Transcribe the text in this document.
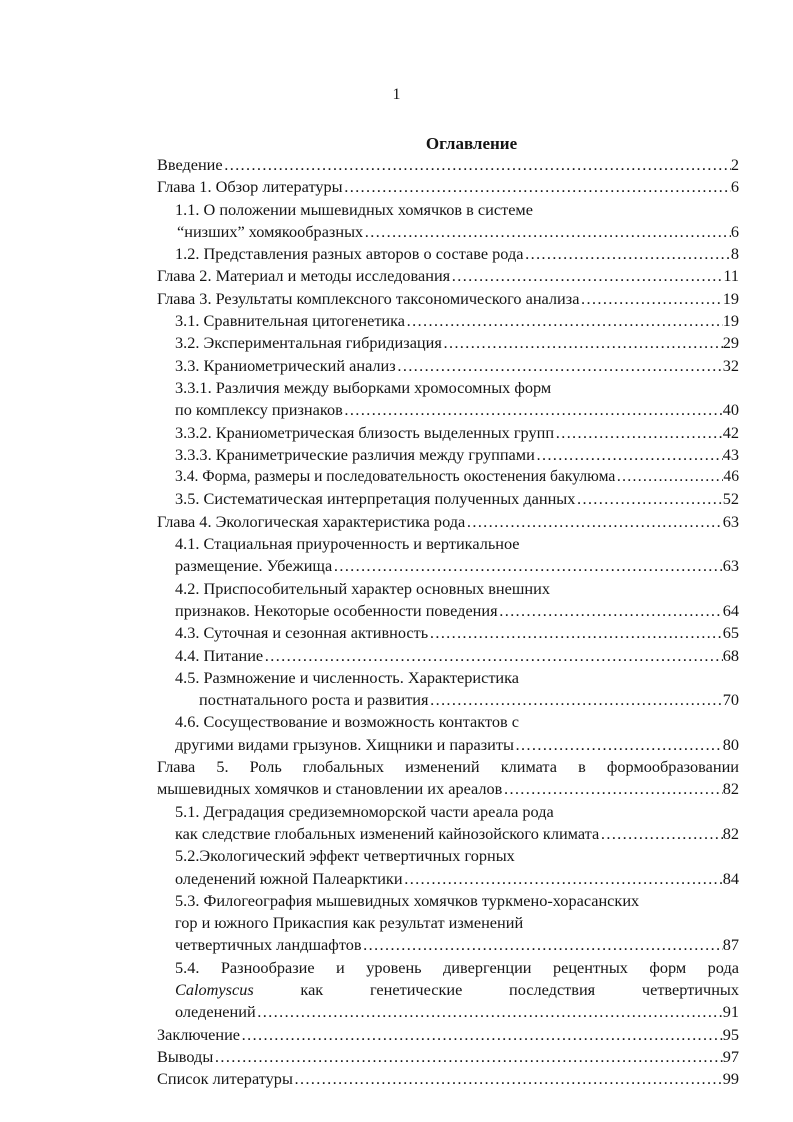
1
Оглавление
Введение ……………………………………………………………………………………………………………………………………	2
Глава 1. Обзор литературы ……………………………………………………………………………………………………………………………………	6
1.1. О положении мышевидных хомячков в системе
“низших” хомякообразных ……………………………………………………………………………………………………………………………………	6
1.2. Представления разных авторов о составе рода ……………………………………………………………………………………………………………………………………	8
Глава 2. Материал и методы исследования ……………………………………………………………………………………………………………………………………	11
Глава 3. Результаты комплексного таксономического анализа ……………………………………………………………………………………………………………………………………	19
3.1. Сравнительная цитогенетика ……………………………………………………………………………………………………………………………………	19
3.2. Экспериментальная гибридизация ……………………………………………………………………………………………………………………………………	29
3.3. Краниометрический анализ ……………………………………………………………………………………………………………………………………	32
3.3.1. Различия между выборками хромосомных форм
по комплексу признаков ……………………………………………………………………………………………………………………………………	40
3.3.2. Краниометрическая близость выделенных групп ……………………………………………………………………………………………………………………………………	42
3.3.3. Краниметрические различия между группами ……………………………………………………………………………………………………………………………………	43
3.4. Форма, размеры и последовательность окостенения бакулюма ……………………………………………………………………………………………………………………………………	46
3.5. Систематическая интерпретация полученных данных ……………………………………………………………………………………………………………………………………	52
Глава 4. Экологическая характеристика рода ……………………………………………………………………………………………………………………………………	63
4.1. Стациальная приуроченность и вертикальное
размещение. Убежища ……………………………………………………………………………………………………………………………………	63
4.2. Приспособительный характер основных внешних
признаков. Некоторые особенности поведения ……………………………………………………………………………………………………………………………………	64
4.3. Суточная и сезонная активность ……………………………………………………………………………………………………………………………………	65
4.4. Питание ……………………………………………………………………………………………………………………………………	68
4.5. Размножение и численность. Характеристика
постнатального роста и развития ……………………………………………………………………………………………………………………………………	70
4.6. Сосуществование и возможность контактов с
другими видами грызунов. Хищники и паразиты ……………………………………………………………………………………………………………………………………	80
Глава 5. Роль глобальных изменений климата в формообразовании
мышевидных хомячков и становлении их ареалов ……………………………………………………………………………………………………………………………………	82
5.1. Деградация средиземноморской части ареала рода
как следствие глобальных изменений кайнозойского климата ……………………………………………………………………………………………………………………………………	82
5.2.Экологический эффект четвертичных горных
оледенений южной Палеарктики ……………………………………………………………………………………………………………………………………	84
5.3. Филогеография мышевидных хомячков туркмено-хорасанских
гор и южного Прикаспия как результат изменений
четвертичных ландшафтов ……………………………………………………………………………………………………………………………………	87
5.4. Разнообразие и уровень дивергенции рецентных форм рода
Calomyscus	как генетические последствия четвертичных
оледенений ……………………………………………………………………………………………………………………………………	91
Заключение ……………………………………………………………………………………………………………………………………	95
Выводы ……………………………………………………………………………………………………………………………………	97
Список литературы ……………………………………………………………………………………………………………………………………	99
